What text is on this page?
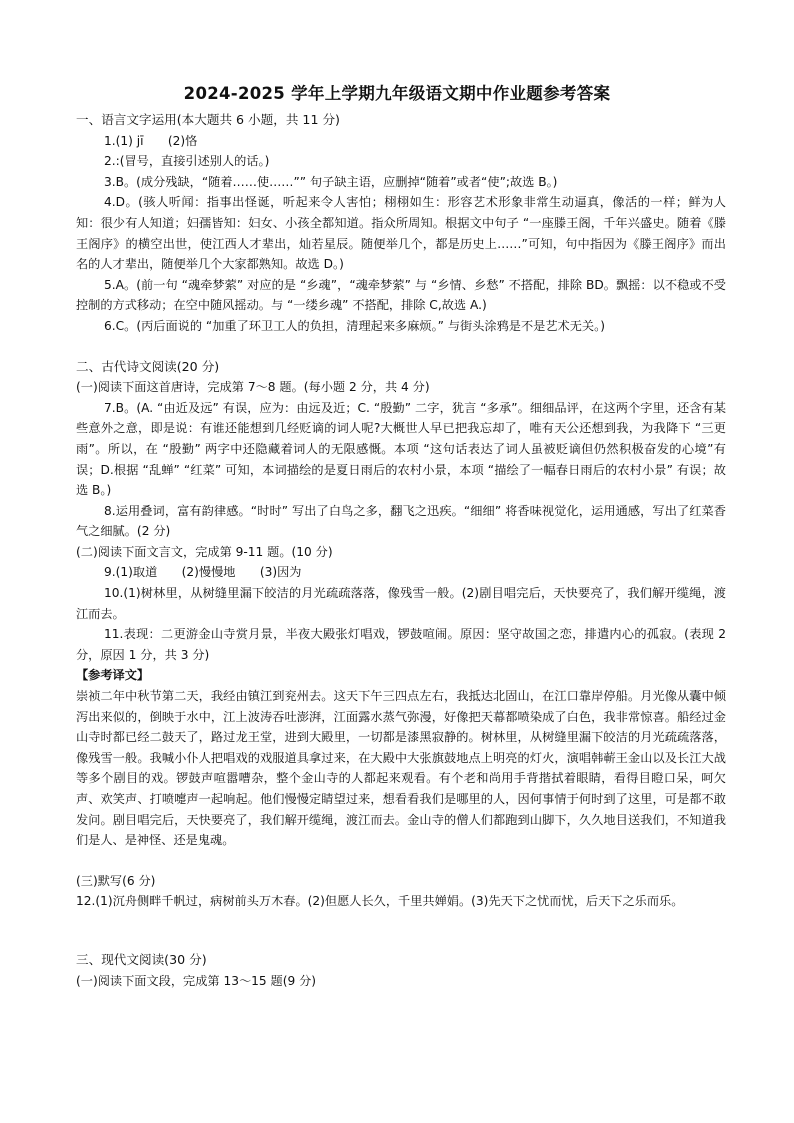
2024-2025 学年上学期九年级语文期中作业题参考答案

一、语言文字运用(本大题共 6 小题，共 11 分)

1.(1) jī　　(2)恪

2.:(冒号，直接引述别人的话。)

3.B。(成分残缺，“随着……使……”” 句子缺主语，应删掉“随着”或者“使”;故选 B。)

4.D。(骇人听闻：指事出怪诞，听起来令人害怕；栩栩如生：形容艺术形象非常生动逼真，像活的一样；鲜为人知：很少有人知道；妇孺皆知：妇女、小孩全都知道。指众所周知。根据文中句子 “一座滕王阁，千年兴盛史。随着《滕王阁序》的横空出世，使江西人才辈出，灿若星辰。随便举几个，都是历史上……”可知，句中指因为《滕王阁序》而出名的人才辈出，随便举几个大家都熟知。故选 D。)

5.A。(前一句 “魂牵梦萦” 对应的是 “乡魂”，“魂牵梦萦” 与 “乡情、乡愁” 不搭配，排除 BD。飘摇：以不稳或不受控制的方式移动；在空中随风摇动。与 “一缕乡魂” 不搭配，排除 C,故选 A.)

6.C。(丙后面说的 “加重了环卫工人的负担，清理起来多麻烦。” 与街头涂鸦是不是艺术无关。)

二、古代诗文阅读(20 分)

(一)阅读下面这首唐诗，完成第 7～8 题。(每小题 2 分，共 4 分)

7.B。(A. “由近及远” 有误，应为：由远及近；C. “殷勤” 二字，犹言 “多承”。细细品评，在这两个字里，还含有某些意外之意，即是说：有谁还能想到几经贬谪的词人呢?大概世人早已把我忘却了，唯有天公还想到我，为我降下 “三更雨”。所以，在 “殷勤” 两字中还隐藏着词人的无限感慨。本项 “这句话表达了词人虽被贬谪但仍然积极奋发的心境”有误；D.根据 “乱蝉” “红菜” 可知，本词描绘的是夏日雨后的农村小景，本项 “描绘了一幅春日雨后的农村小景” 有误；故选 B。)

8.运用叠词，富有韵律感。“时时” 写出了白鸟之多，翻飞之迅疾。“细细” 将香味视觉化，运用通感，写出了红菜香气之细腻。(2 分)

(二)阅读下面文言文，完成第 9-11 题。(10 分)

9.(1)取道　　(2)慢慢地　　(3)因为

10.(1)树林里，从树缝里漏下皎洁的月光疏疏落落，像残雪一般。(2)剧目唱完后，天快要亮了，我们解开缆绳，渡江而去。

11.表现：二更游金山寺赏月景，半夜大殿张灯唱戏，锣鼓喧闹。原因：坚守故国之恋，排遣内心的孤寂。(表现 2 分，原因 1 分，共 3 分)

【参考译文】

崇祯二年中秋节第二天，我经由镇江到兖州去。这天下午三四点左右，我抵达北固山，在江口靠岸停船。月光像从囊中倾泻出来似的，倒映于水中，江上波涛吞吐澎湃，江面露水蒸气弥漫，好像把天幕都喷染成了白色，我非常惊喜。船经过金山寺时都已经二鼓天了，路过龙王堂，进到大殿里，一切都是漆黑寂静的。树林里，从树缝里漏下皎洁的月光疏疏落落，像残雪一般。我喊小仆人把唱戏的戏服道具拿过来，在大殿中大张旗鼓地点上明亮的灯火，演唱韩蕲王金山以及长江大战等多个剧目的戏。锣鼓声喧嚣嘈杂，整个金山寺的人都起来观看。有个老和尚用手背揩拭着眼睛，看得目瞪口呆，呵欠声、欢笑声、打喷嚏声一起响起。他们慢慢定睛望过来，想看看我们是哪里的人，因何事情于何时到了这里，可是都不敢发问。剧目唱完后，天快要亮了，我们解开缆绳，渡江而去。金山寺的僧人们都跑到山脚下，久久地目送我们，不知道我们是人、是神怪、还是鬼魂。

(三)默写(6 分)

12.(1)沉舟侧畔千帆过，病树前头万木春。(2)但愿人长久，千里共婵娟。(3)先天下之忧而忧，后天下之乐而乐。

三、现代文阅读(30 分)

(一)阅读下面文段，完成第 13～15 题(9 分)
